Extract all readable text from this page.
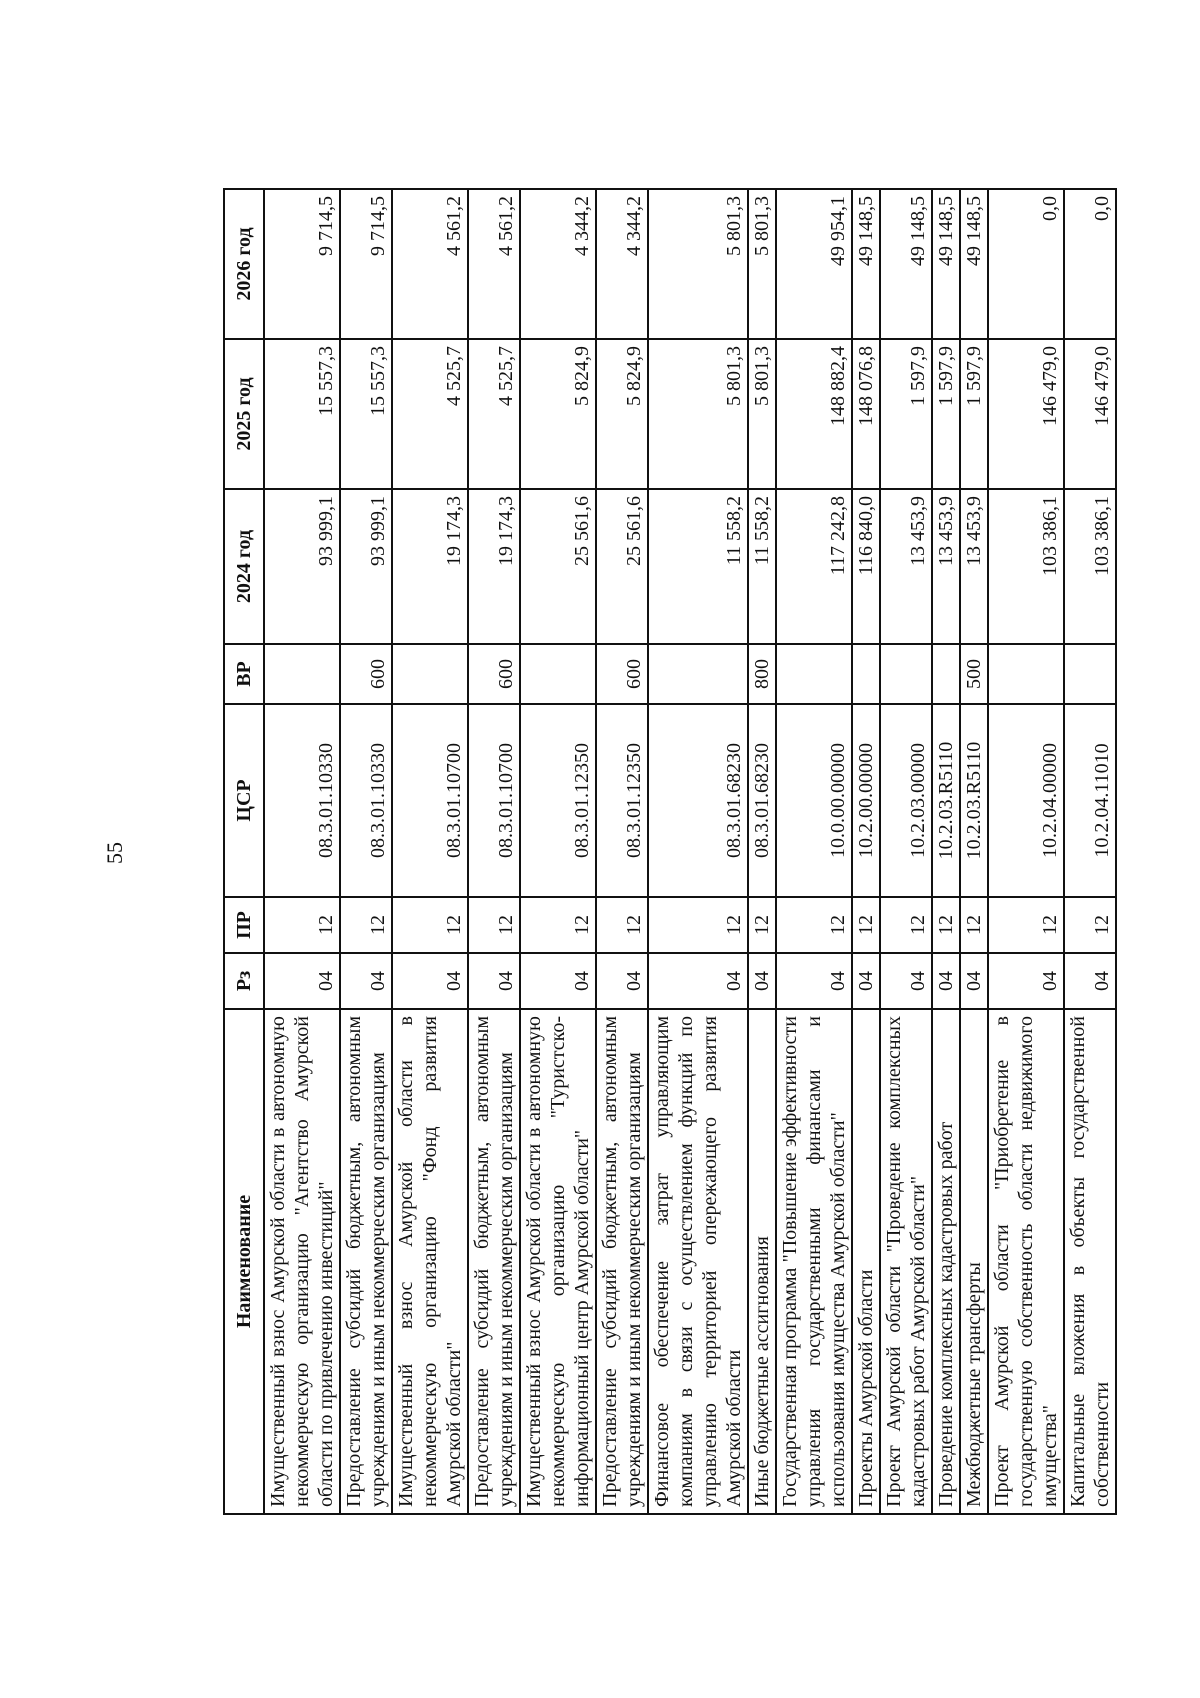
55
Наименование	Рз	ПР	ЦСР	ВР	2024 год	2025 год	2026 год
Имущественный взнос Амурской области в автономную некоммерческую организацию "Агентство Амурской области по привлечению инвестиций"	04	12	08.3.01.10330		93 999,1	15 557,3	9 714,5
Предоставление субсидий бюджетным, автономным учреждениям и иным некоммерческим организациям	04	12	08.3.01.10330	600	93 999,1	15 557,3	9 714,5
Имущественный взнос Амурской области в некоммерческую организацию "Фонд развития Амурской области"	04	12	08.3.01.10700		19 174,3	4 525,7	4 561,2
Предоставление субсидий бюджетным, автономным учреждениям и иным некоммерческим организациям	04	12	08.3.01.10700	600	19 174,3	4 525,7	4 561,2
Имущественный взнос Амурской области в автономную некоммерческую организацию "Туристско-информационный центр Амурской области"	04	12	08.3.01.12350		25 561,6	5 824,9	4 344,2
Предоставление субсидий бюджетным, автономным учреждениям и иным некоммерческим организациям	04	12	08.3.01.12350	600	25 561,6	5 824,9	4 344,2
Финансовое обеспечение затрат управляющим компаниям в связи с осуществлением функций по управлению территорией опережающего развития Амурской области	04	12	08.3.01.68230		11 558,2	5 801,3	5 801,3
Иные бюджетные ассигнования	04	12	08.3.01.68230	800	11 558,2	5 801,3	5 801,3
Государственная программа "Повышение эффективности управления государственными финансами и использования имущества Амурской области"	04	12	10.0.00.00000		117 242,8	148 882,4	49 954,1
Проекты Амурской области	04	12	10.2.00.00000		116 840,0	148 076,8	49 148,5
Проект Амурской области "Проведение комплексных кадастровых работ Амурской области"	04	12	10.2.03.00000		13 453,9	1 597,9	49 148,5
Проведение комплексных кадастровых работ	04	12	10.2.03.R5110		13 453,9	1 597,9	49 148,5
Межбюджетные трансферты	04	12	10.2.03.R5110	500	13 453,9	1 597,9	49 148,5
Проект Амурской области "Приобретение в государственную собственность области недвижимого имущества"	04	12	10.2.04.00000		103 386,1	146 479,0	0,0
Капитальные вложения в объекты государственной собственности	04	12	10.2.04.11010		103 386,1	146 479,0	0,0
